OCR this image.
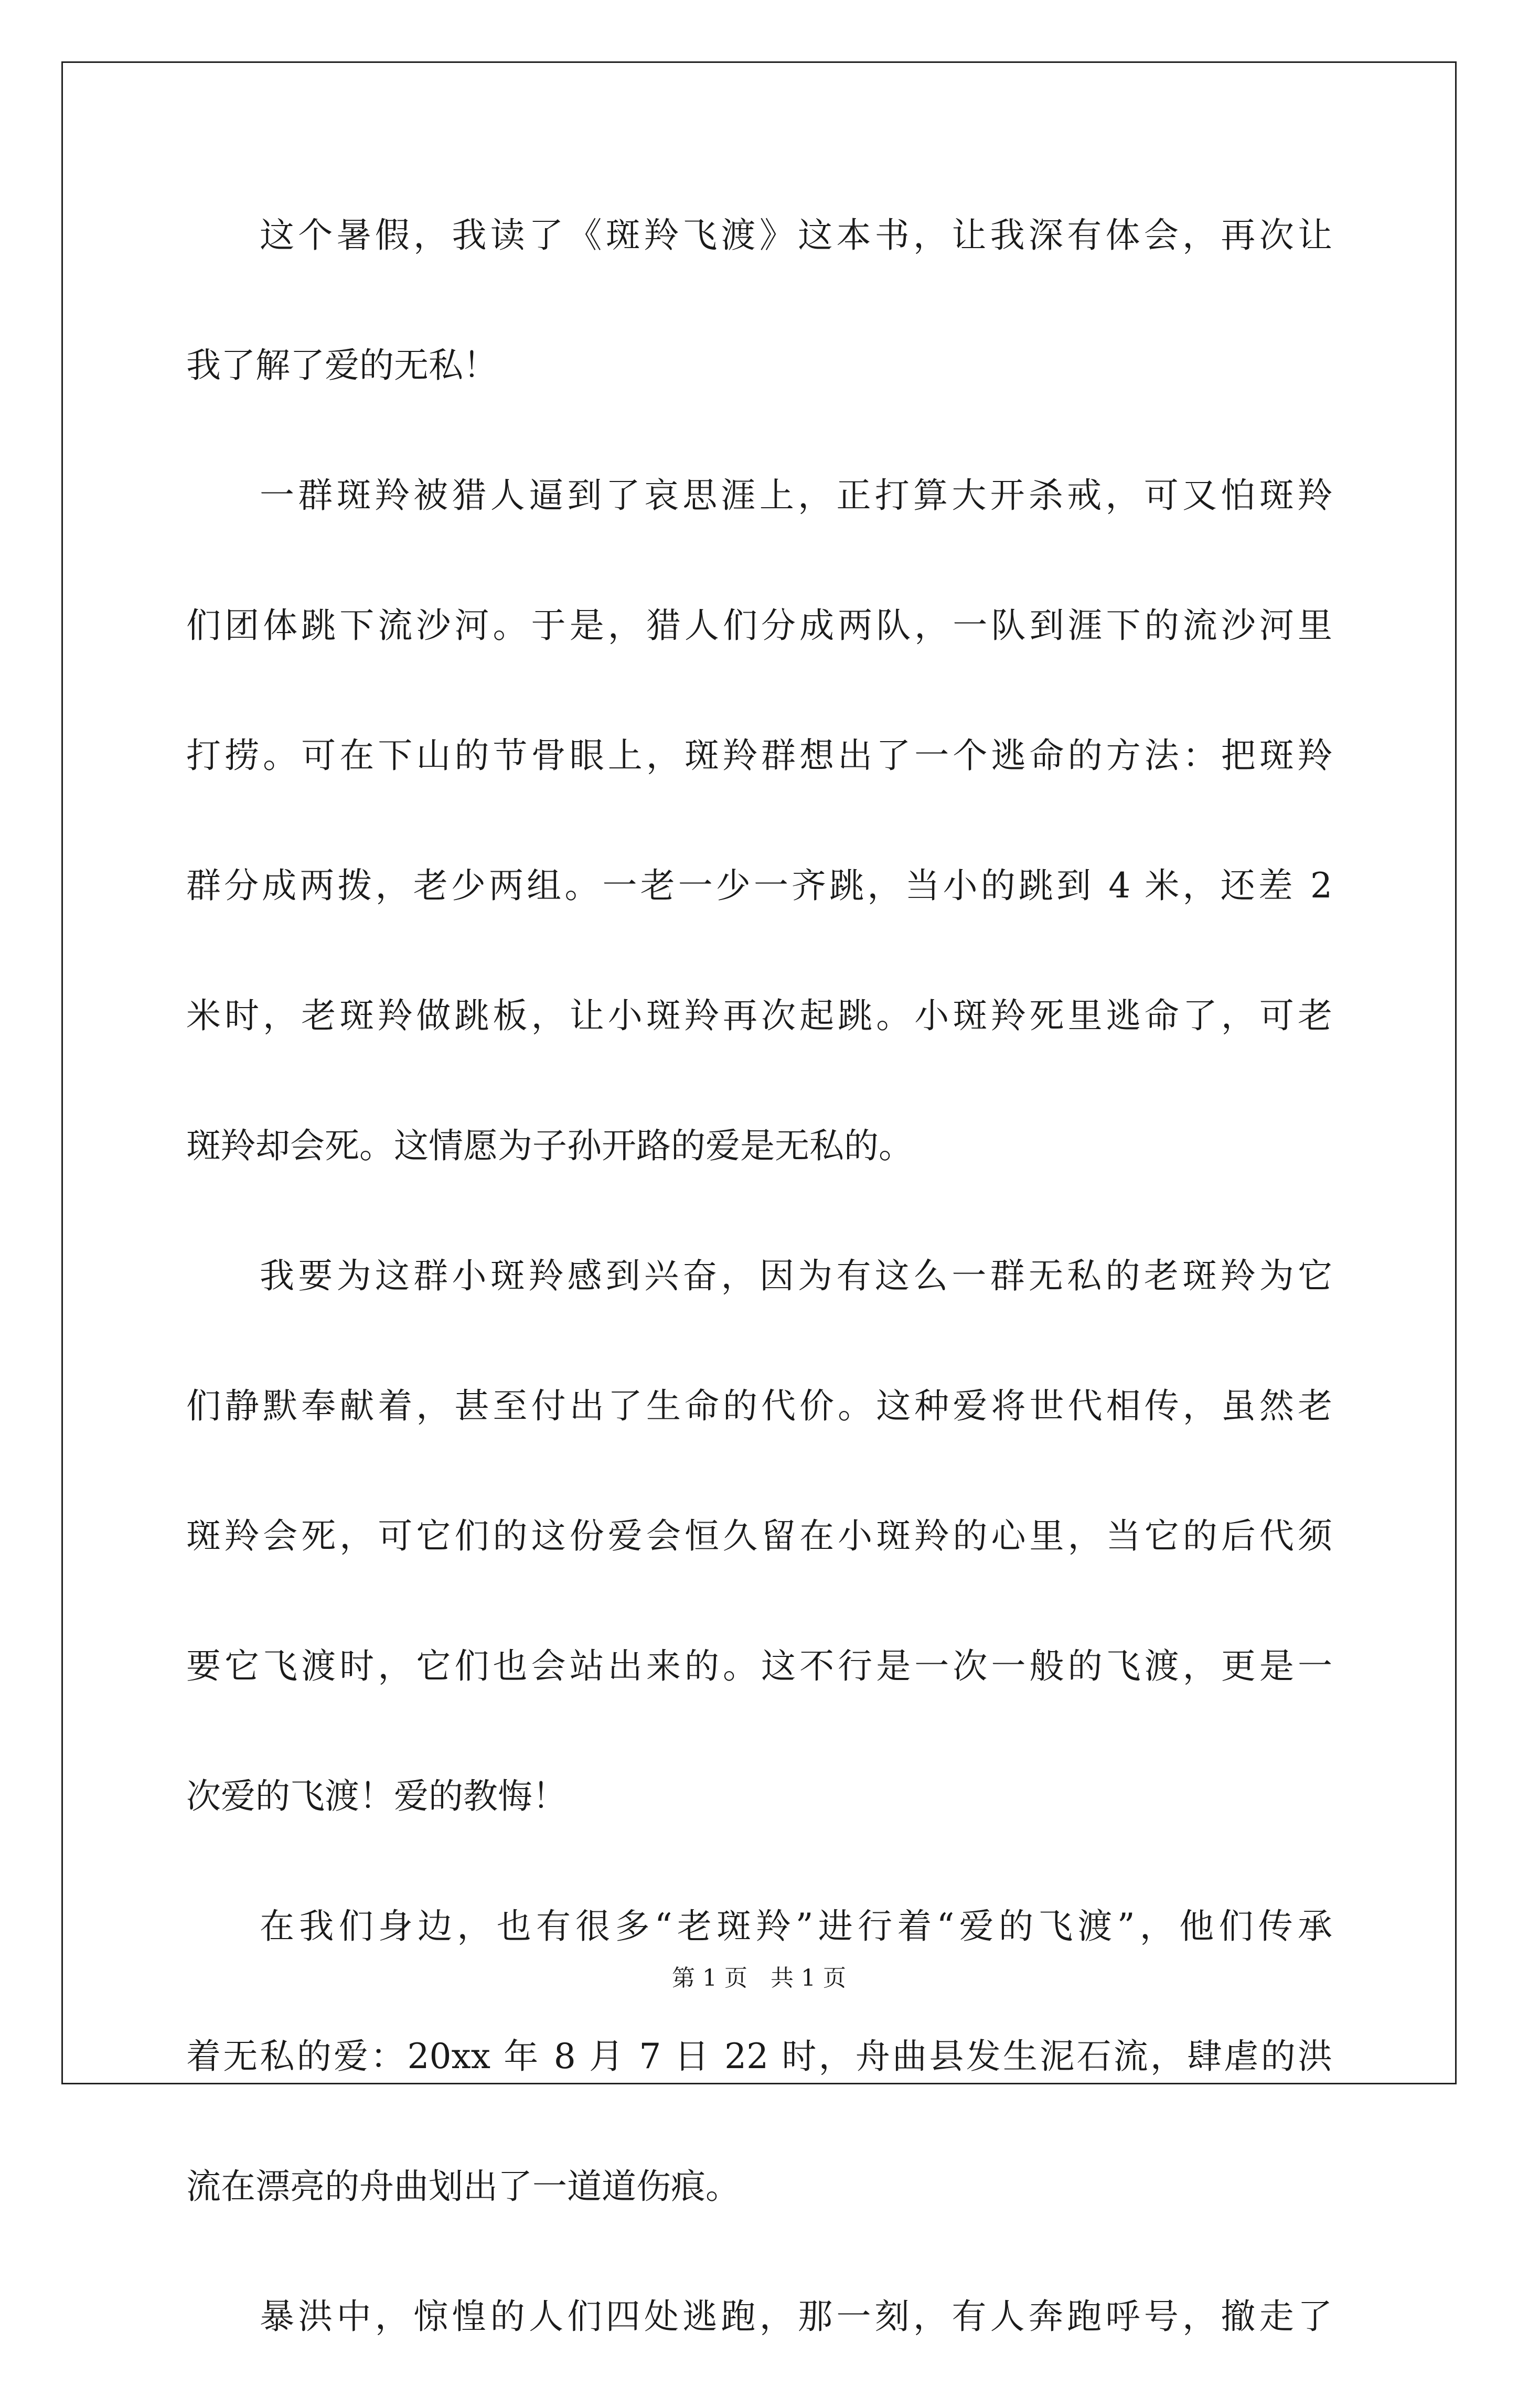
这个暑假，我读了《斑羚飞渡》这本书，让我深有体会，再次让
我了解了爱的无私！
一群斑羚被猎人逼到了哀思涯上，正打算大开杀戒，可又怕斑羚
们团体跳下流沙河。于是，猎人们分成两队，一队到涯下的流沙河里
打捞。可在下山的节骨眼上，斑羚群想出了一个逃命的方法：把斑羚
群分成两拨，老少两组。一老一少一齐跳，当小的跳到 4 米，还差 2
米时，老斑羚做跳板，让小斑羚再次起跳。小斑羚死里逃命了，可老
斑羚却会死。这情愿为子孙开路的爱是无私的。
我要为这群小斑羚感到兴奋，因为有这么一群无私的老斑羚为它
们静默奉献着，甚至付出了生命的代价。这种爱将世代相传，虽然老
斑羚会死，可它们的这份爱会恒久留在小斑羚的心里，当它的后代须
要它飞渡时，它们也会站出来的。这不行是一次一般的飞渡，更是一
次爱的飞渡！爱的教悔！
在我们身边，也有很多“老斑羚”进行着“爱的飞渡”，他们传承
着无私的爱：20xx 年 8 月 7 日 22 时，舟曲县发生泥石流，肆虐的洪
流在漂亮的舟曲划出了一道道伤痕。
暴洪中，惊惶的人们四处逃跑，那一刻，有人奔跑呼号，撤走了
第 1 页　共 1 页
